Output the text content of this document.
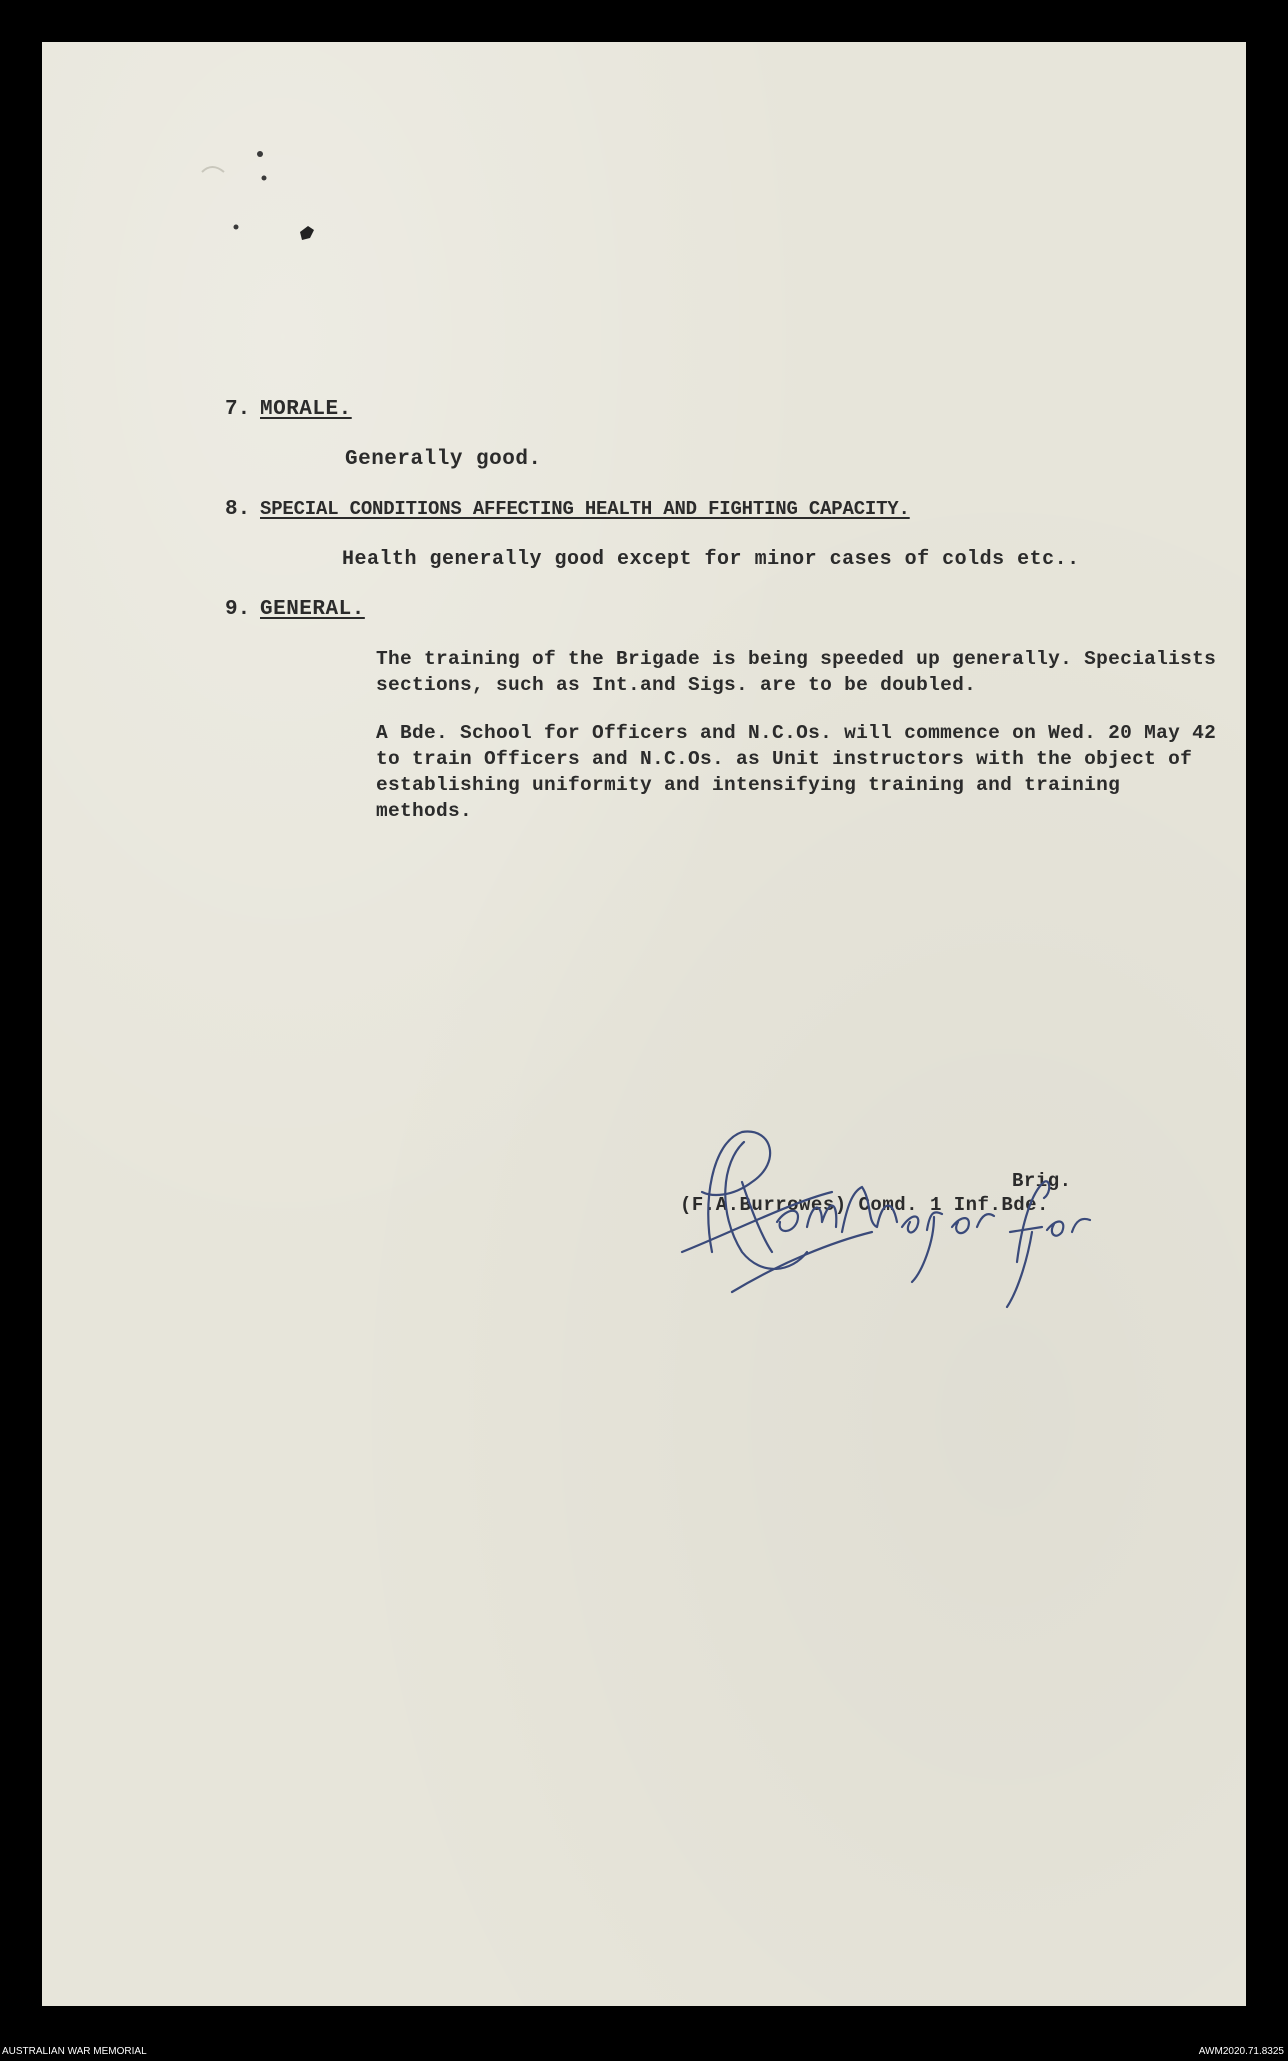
7. MORALE.
Generally good.
8. SPECIAL CONDITIONS AFFECTING HEALTH AND FIGHTING CAPACITY.
Health generally good except for minor cases of colds etc..
9. GENERAL.
The training of the Brigade is being speeded up generally. Specialists
sections, such as Int.and Sigs. are to be doubled.
A Bde. School for Officers and N.C.Os. will commence on Wed. 20 May 42
to train Officers and N.C.Os. as Unit instructors with the object of
establishing uniformity and intensifying training and training
methods.
Brig.
(F.A.Burrowes) Comd. 1 Inf.Bde.
AUSTRALIAN WAR MEMORIAL	AWM2020.71.8325
